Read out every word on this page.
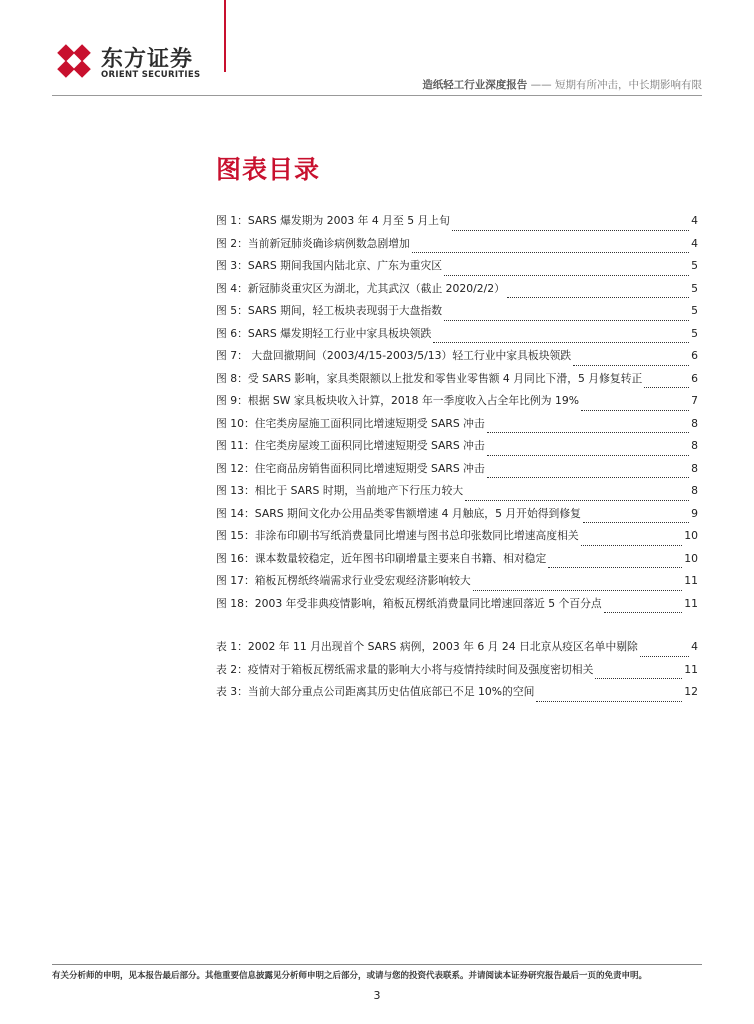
东方证券
ORIENT SECURITIES
造纸轻工行业深度报告 —— 短期有所冲击，中长期影响有限
图表目录
图 1：SARS 爆发期为 2003 年 4 月至 5 月上旬	4
图 2：当前新冠肺炎确诊病例数急剧增加	4
图 3：SARS 期间我国内陆北京、广东为重灾区	5
图 4：新冠肺炎重灾区为湖北，尤其武汉（截止 2020/2/2）	5
图 5：SARS 期间，轻工板块表现弱于大盘指数	5
图 6：SARS 爆发期轻工行业中家具板块领跌	5
图 7： 大盘回撤期间（2003/4/15-2003/5/13）轻工行业中家具板块领跌	6
图 8：受 SARS 影响，家具类限额以上批发和零售业零售额 4 月同比下滑，5 月修复转正	6
图 9：根据 SW 家具板块收入计算，2018 年一季度收入占全年比例为 19%	7
图 10：住宅类房屋施工面积同比增速短期受 SARS 冲击	8
图 11：住宅类房屋竣工面积同比增速短期受 SARS 冲击	8
图 12：住宅商品房销售面积同比增速短期受 SARS 冲击	8
图 13：相比于 SARS 时期，当前地产下行压力较大	8
图 14：SARS 期间文化办公用品类零售额增速 4 月触底，5 月开始得到修复	9
图 15：非涂布印刷书写纸消费量同比增速与图书总印张数同比增速高度相关	10
图 16：课本数量较稳定，近年图书印刷增量主要来自书籍、相对稳定	10
图 17：箱板瓦楞纸终端需求行业受宏观经济影响较大	11
图 18：2003 年受非典疫情影响，箱板瓦楞纸消费量同比增速回落近 5 个百分点	11
表 1：2002 年 11 月出现首个 SARS 病例，2003 年 6 月 24 日北京从疫区名单中剔除	4
表 2：疫情对于箱板瓦楞纸需求量的影响大小将与疫情持续时间及强度密切相关	11
表 3：当前大部分重点公司距离其历史估值底部已不足 10%的空间	12
有关分析师的申明，见本报告最后部分。其他重要信息披露见分析师申明之后部分，或请与您的投资代表联系。并请阅读本证券研究报告最后一页的免责申明。
3
